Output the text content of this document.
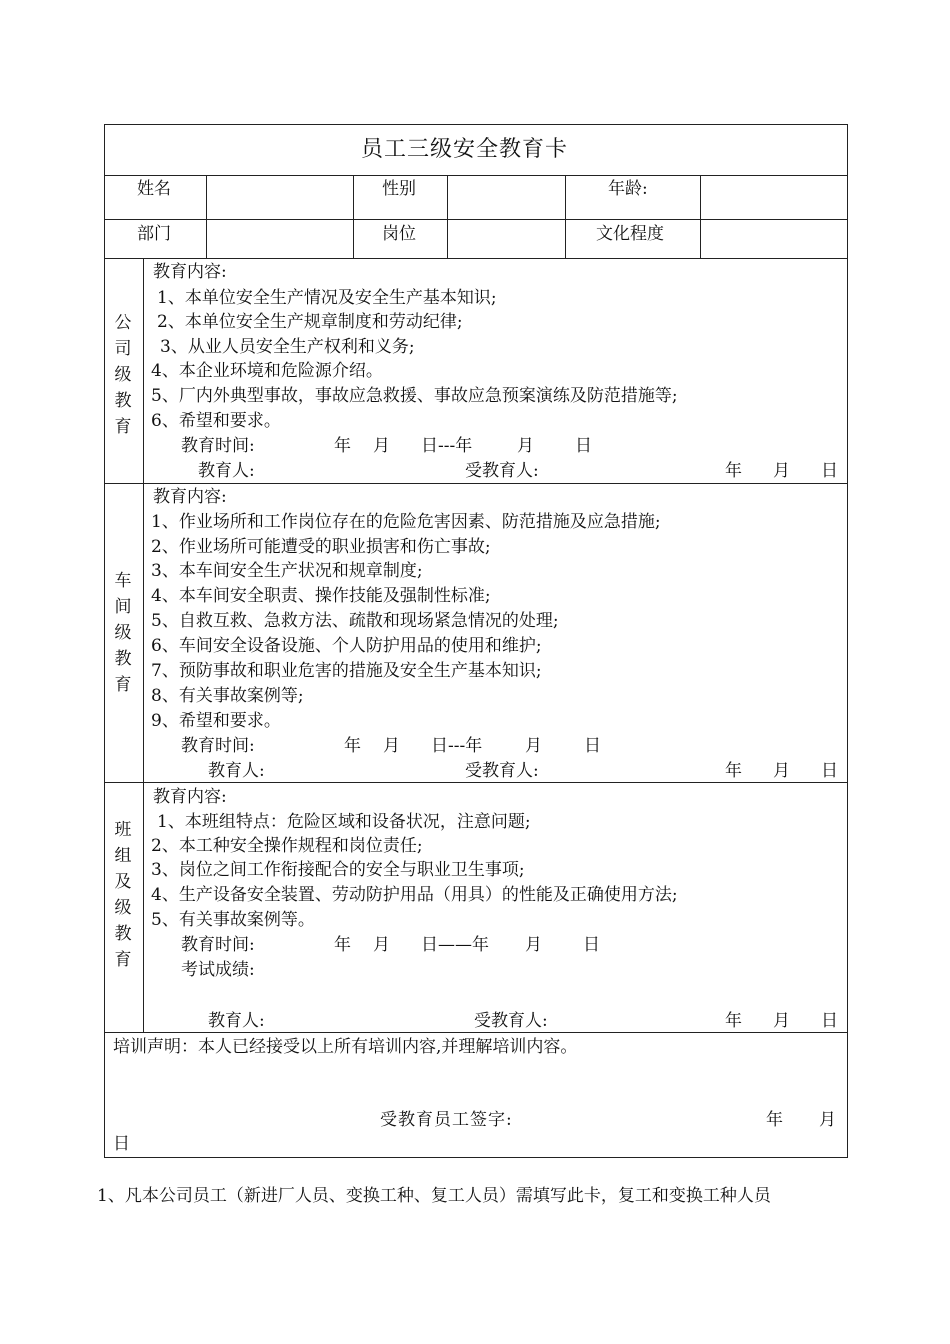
员工三级安全教育卡
姓名	性别	年龄:
部门	岗位	文化程度
公
司
级
教
育
教育内容:
1、本单位安全生产情况及安全生产基本知识;
2、本单位安全生产规章制度和劳动纪律;
3、从业人员安全生产权利和义务;
4、本企业环境和危险源介绍。
5、厂内外典型事故，事故应急救援、事故应急预案演练及防范措施等;
6、希望和要求。
教育时间:	年 月 日---年	月 日
教育人:	受教育人:	年 月 日
车
间
级
教
育
教育内容:
1、作业场所和工作岗位存在的危险危害因素、防范措施及应急措施;
2、作业场所可能遭受的职业损害和伤亡事故;
3、本车间安全生产状况和规章制度;
4、本车间安全职责、操作技能及强制性标准;
5、自救互救、急救方法、疏散和现场紧急情况的处理;
6、车间安全设备设施、个人防护用品的使用和维护;
7、预防事故和职业危害的措施及安全生产基本知识;
8、有关事故案例等;
9、希望和要求。
教育时间:	年 月 日---年	月 日
教育人:	受教育人:	年 月 日
班
组
及
级
教
育
教育内容:
1、本班组特点：危险区域和设备状况，注意问题;
2、本工种安全操作规程和岗位责任;
3、岗位之间工作衔接配合的安全与职业卫生事项;
4、生产设备安全装置、劳动防护用品（用具）的性能及正确使用方法;
5、有关事故案例等。
教育时间:	年 月 日——年 月 日
考试成绩:
教育人:	受教育人:	年 月 日
培训声明：本人已经接受以上所有培训内容,并理解培训内容。
受教育员工签字:	年 月
日
1、凡本公司员工（新进厂人员、变换工种、复工人员）需填写此卡，复工和变换工种人员
